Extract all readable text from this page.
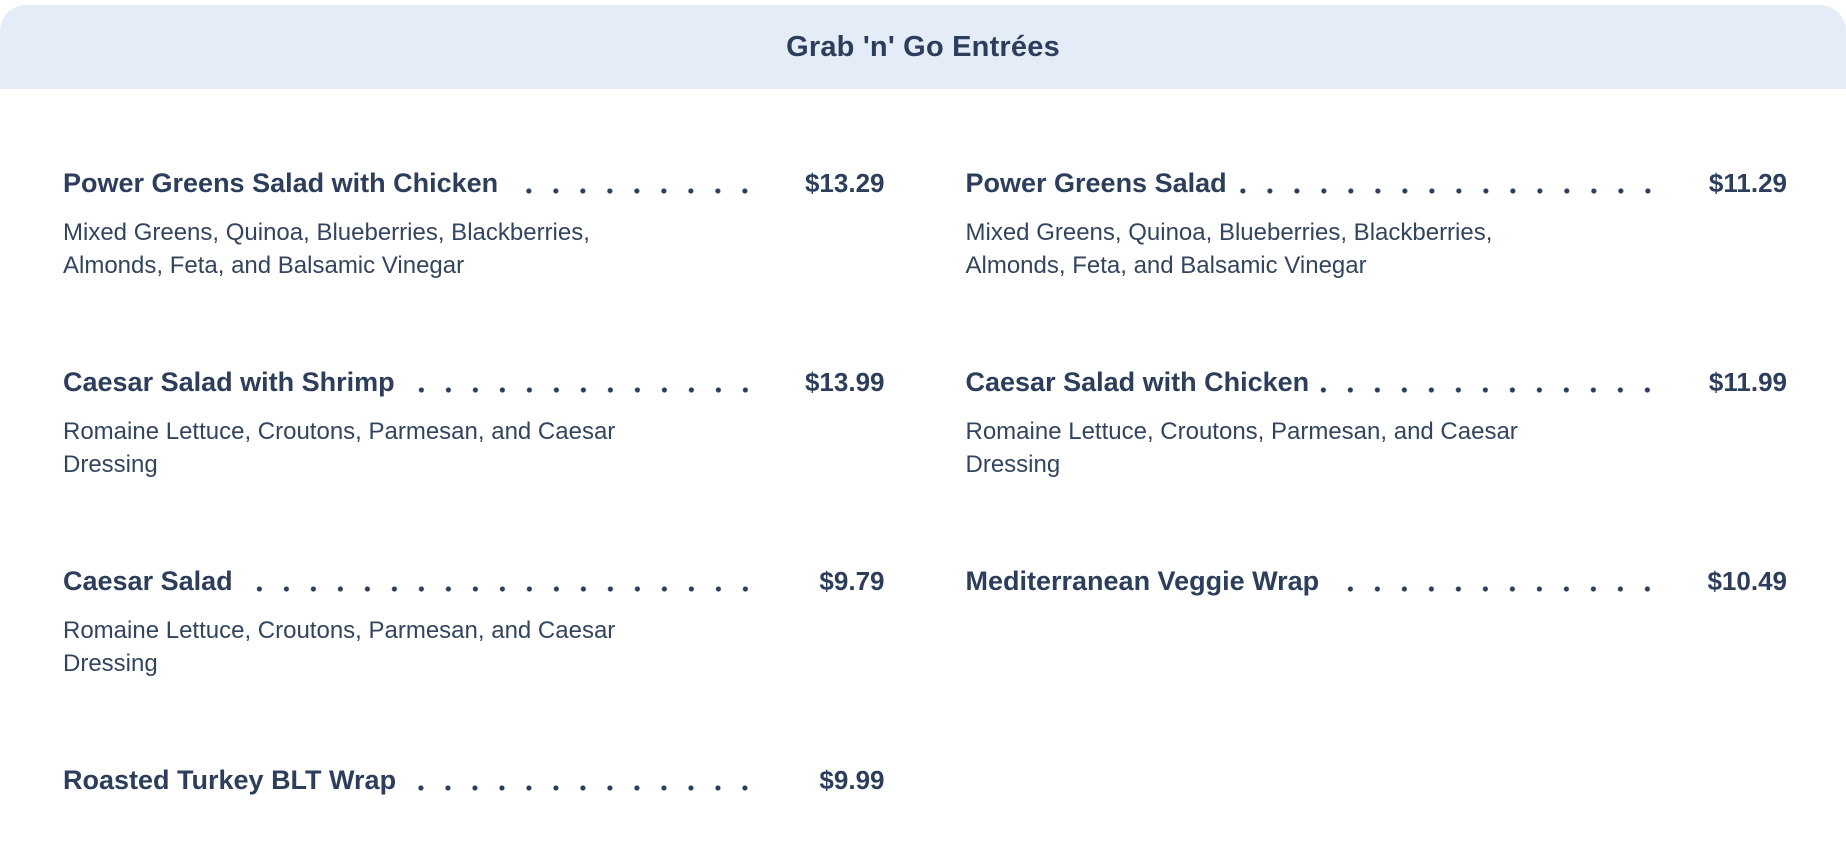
Grab 'n' Go Entrées
Power Greens Salad with Chicken	$13.29

Mixed Greens, Quinoa, Blueberries, Blackberries, Almonds, Feta, and Balsamic Vinegar

Caesar Salad with Shrimp	$13.99

Romaine Lettuce, Croutons, Parmesan, and Caesar Dressing

Caesar Salad	$9.79

Romaine Lettuce, Croutons, Parmesan, and Caesar Dressing

Roasted Turkey BLT Wrap	$9.99
Power Greens Salad	$11.29

Mixed Greens, Quinoa, Blueberries, Blackberries, Almonds, Feta, and Balsamic Vinegar

Caesar Salad with Chicken	$11.99

Romaine Lettuce, Croutons, Parmesan, and Caesar Dressing

Mediterranean Veggie Wrap	$10.49
